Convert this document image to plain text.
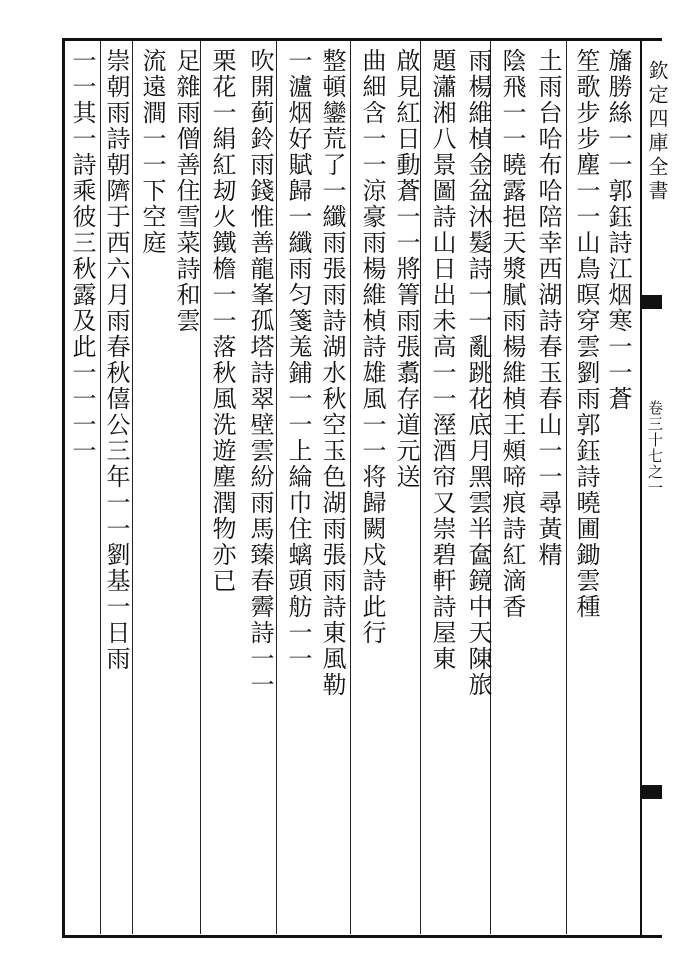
欽定四庫全書
卷三十七之一

旛勝絲一一郭鈺詩江烟寒一一蒼

笙歌步步塵一一山鳥暝穿雲劉雨郭鈺詩曉圃鋤雲種

土雨台哈布哈陪幸西湖詩春玉春山一一尋黃精

陰飛一一曉露挹天漿膩雨楊維楨王頰啼痕詩紅滴香

雨楊維楨金盆沐髮詩一一亂跳花底月黑雲半奩鏡中天陳旅

題瀟湘八景圖詩山日出未高一一溼酒帘又崇碧軒詩屋東

啟見紅日動蒼一一將箐雨張翥存道元送

曲細含一一涼豪雨楊維楨詩雄風一一将歸闕戍詩此行

整頓鑾荒了一纖雨張雨詩湖水秋空玉色湖雨張雨詩東風勒

一瀘烟好賦歸一纖雨匀箋羗鋪一一上綸巾住螭頭舫一一

吹開蓟鈴雨錢惟善龍峯孤塔詩翠壁雲紛雨馬臻春霽詩一一

栗花一絹紅刼火鐵檐一一落秋風洗遊塵潤物亦已

足雜雨僧善住雪菜詩和雲

流遠澗一一下空庭

崇朝雨詩朝隮于西六月雨春秋僖公三年一一劉基一日雨

一一其一詩乘彼三秋露及此一一一一
